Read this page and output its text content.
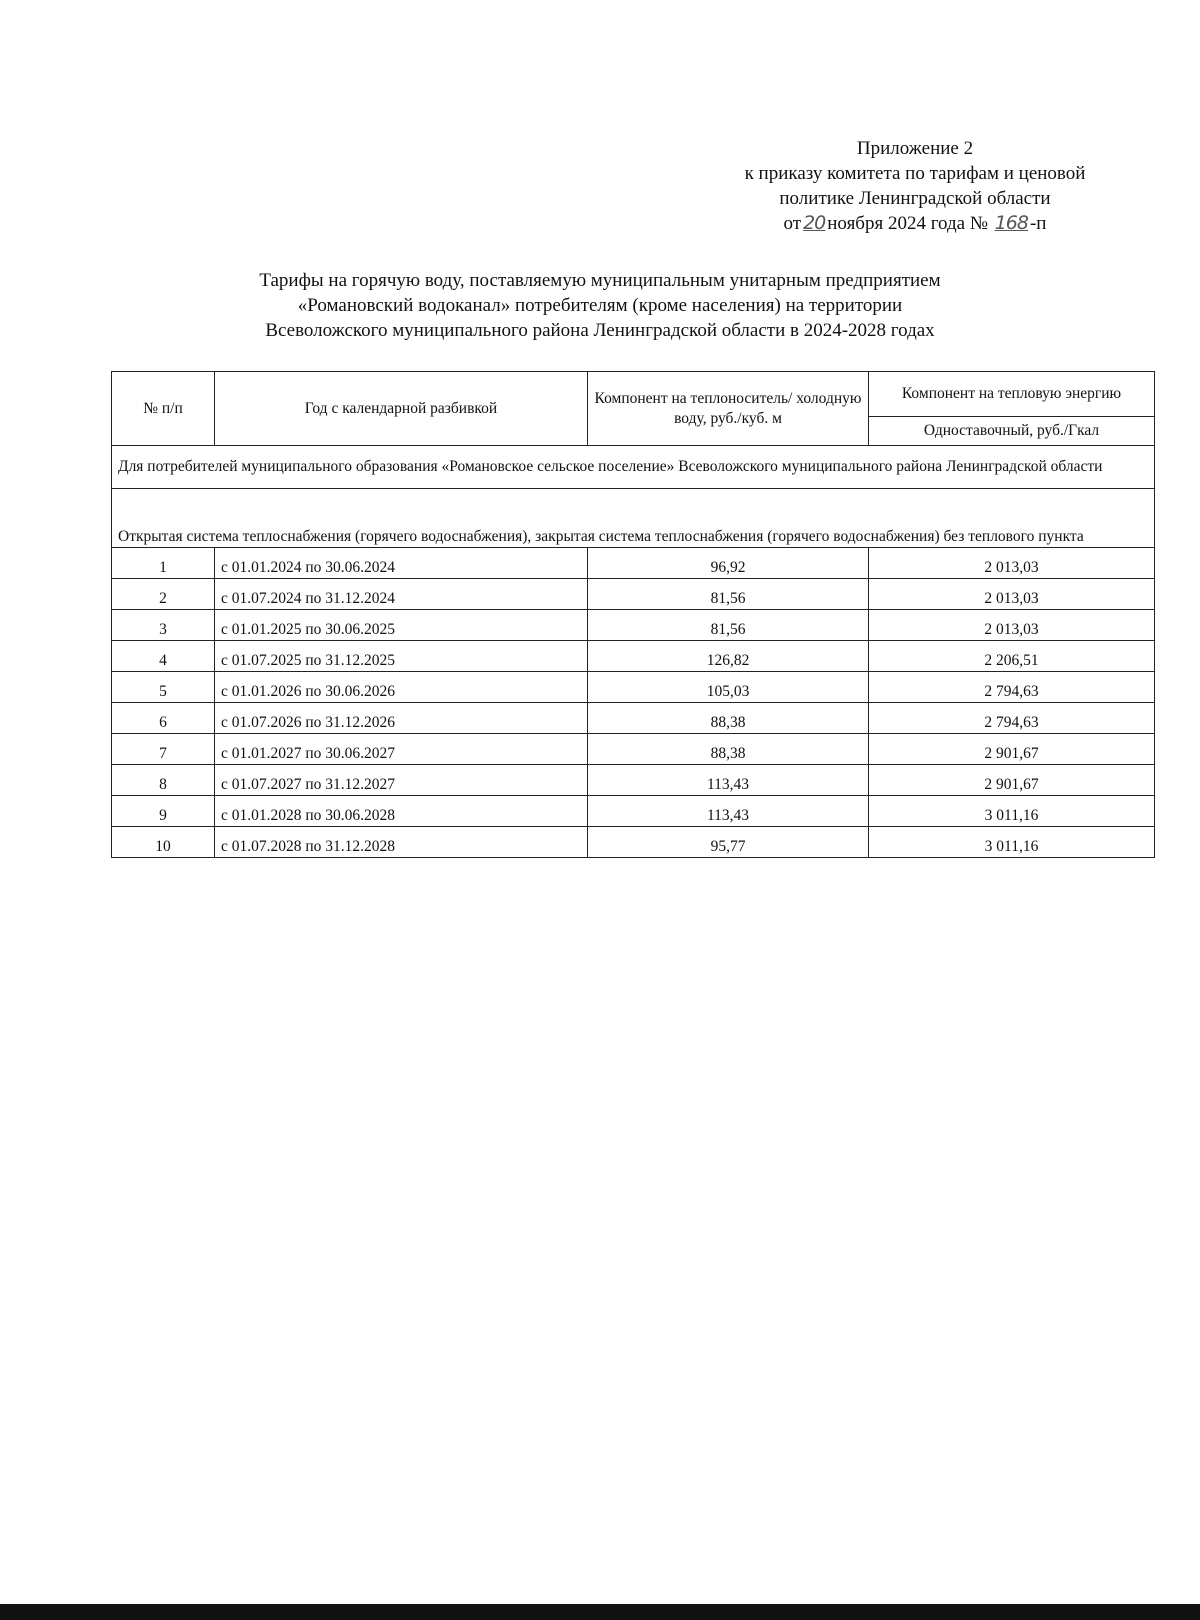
Приложение 2
к приказу комитета по тарифам и ценовой
политике Ленинградской области
от 20 ноября 2024 года № 168 -п
Тарифы на горячую воду, поставляемую муниципальным унитарным предприятием
«Романовский водоканал» потребителям (кроме населения) на территории
Всеволожского муниципального района Ленинградской области в 2024-2028 годах
№ п/п	Год с календарной разбивкой	Компонент на теплоноситель/ холодную воду, руб./куб. м	Компонент на тепловую энергию
			Одноставочный, руб./Гкал
Для потребителей муниципального образования «Романовское сельское поселение» Всеволожского муниципального района Ленинградской области			
Открытая система теплоснабжения (горячего водоснабжения), закрытая система теплоснабжения (горячего водоснабжения) без теплового пункта			
1	с 01.01.2024 по 30.06.2024	96,92	2 013,03
2	с 01.07.2024 по 31.12.2024	81,56	2 013,03
3	с 01.01.2025 по 30.06.2025	81,56	2 013,03
4	с 01.07.2025 по 31.12.2025	126,82	2 206,51
5	с 01.01.2026 по 30.06.2026	105,03	2 794,63
6	с 01.07.2026 по 31.12.2026	88,38	2 794,63
7	с 01.01.2027 по 30.06.2027	88,38	2 901,67
8	с 01.07.2027 по 31.12.2027	113,43	2 901,67
9	с 01.01.2028 по 30.06.2028	113,43	3 011,16
10	с 01.07.2028 по 31.12.2028	95,77	3 011,16
